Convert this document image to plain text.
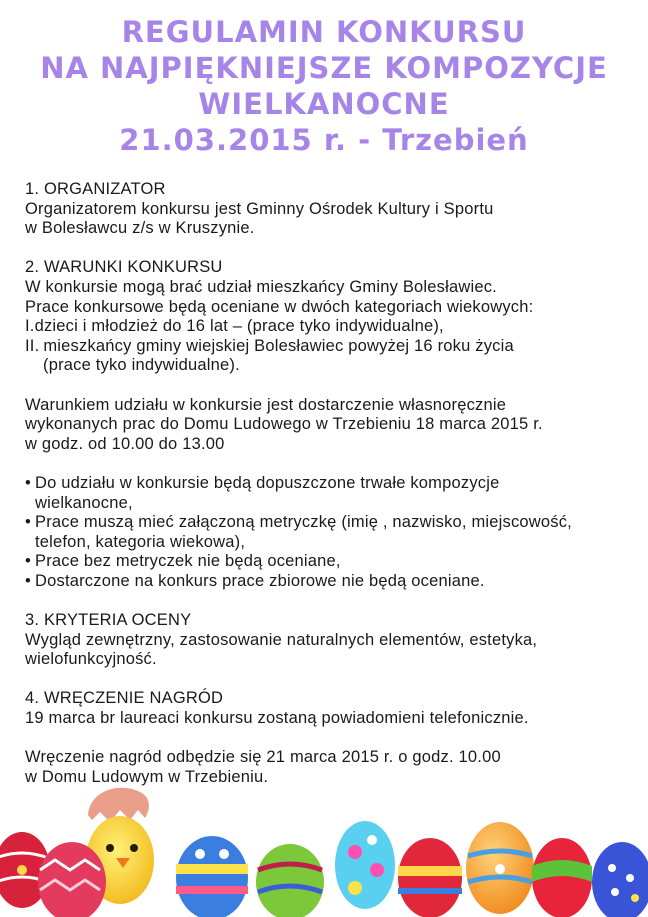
REGULAMIN KONKURSU
NA NAJPIĘKNIEJSZE KOMPOZYCJE
WIELKANOCNE
21.03.2015 r. - Trzebień

1. ORGANIZATOR

Organizatorem konkursu jest Gminny Ośrodek Kultury i Sportu

w Bolesławcu z/s w Kruszynie.

2. WARUNKI KONKURSU

W konkursie mogą brać udział mieszkańcy Gminy Bolesławiec.

Prace konkursowe będą oceniane w dwóch kategoriach wiekowych:

I. dzieci i młodzież do 16 lat – (prace tyko indywidualne),
II. mieszkańcy gminy wiejskiej Bolesławiec powyżej 16 roku życia

(prace tyko indywidualne).

Warunkiem udziału w konkursie jest dostarczenie własnoręcznie

wykonanych prac do Domu Ludowego w Trzebieniu 18 marca 2015 r.

w godz. od 10.00 do 13.00

• Do udziału w konkursie będą dopuszczone trwałe kompozycje

wielkanocne,

• Prace muszą mieć załączoną metryczkę (imię , nazwisko, miejscowość,

telefon, kategoria wiekowa),

• Prace bez metryczek nie będą oceniane,
• Dostarczone na konkurs prace zbiorowe nie będą oceniane.

3. KRYTERIA OCENY

Wygląd zewnętrzny, zastosowanie naturalnych elementów, estetyka,

wielofunkcyjność.

4. WRĘCZENIE NAGRÓD

19 marca br laureaci konkursu zostaną powiadomieni telefonicznie.

Wręczenie nagród odbędzie się 21 marca 2015 r. o godz. 10.00

w Domu Ludowym w Trzebieniu.
